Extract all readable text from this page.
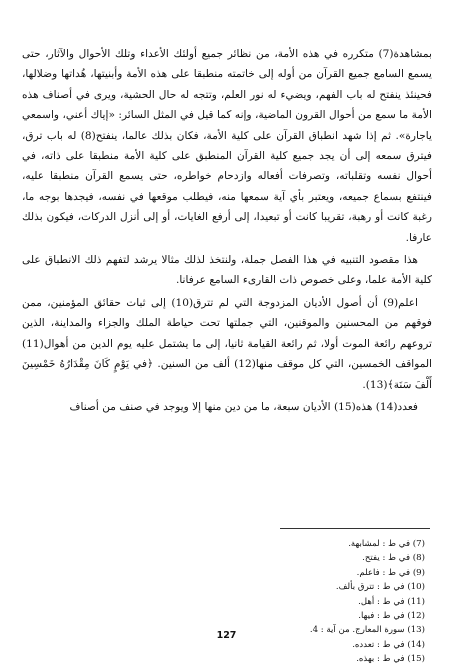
بمشاهدة(7) متكرره في هذه الأمة، من نظائر جميع أولئك الأعداء وتلك الأحوال والآثار، حتى يسمع السامع جميع القرآن من أوله إلى خاتمته منطبقا على هذه الأمة وأبنيتها، هُداتها وضلالها، فحينئذ ينفتح له باب الفهم، ويضيء له نور العلم، وتتجه له حال الحشية، ويرى في أصناف هذه الأمة ما سمع من أحوال القرون الماضية، وإنه كما قيل في المثل السائر: «إياك أعني، واسمعي ياجارة». ثم إذا شهد انطباق القرآن على كلية الأمة، فكان بذلك عالما، ينفتح(8) له باب ترق، فيترق سمعه إلى أن يجد جميع كلية القرآن المنطبق على كلية الأمة منطبقا على ذاته، في أحوال نفسه وتقلباته، وتصرفات أفعاله وازدحام خواطره، حتى يسمع القرآن منطبقا عليه، فينتفع بسماع جميعه، ويعتبر بأي آية سمعها منه، فيطلب موقعها في نفسه، فيجدها بوجه ما، رغبة كانت أو رهبة، تقريبا كانت أو تبعيدا، إلى أرفع الغايات، أو إلى أنزل الدركات، فيكون بذلك عارفا.

هذا مقصود التنبيه في هذا الفصل جملة، ولنتخذ لذلك مثالا يرشد لتفهم ذلك الانطباق على كلية الأمة علما، وعلى خصوص ذات القارىء السامع عرفانا.

اعلم(9) أن أصول الأديان المزدوجة التي لم تترق(10) إلى ثبات حقائق المؤمنين، ممن فوقهم من المحسنين والموقنين، التي جملتها تحت حياطة الملك والجزاء والمداينة، الذين تروعهم رائعة الموت أولا، ثم رائعة القيامة ثانيا، إلى ما يشتمل عليه يوم الدين من أهوال(11) المواقف الخمسين، التي كل موقف منها(12) ألف من السنين. ﴿في يَوْمٍ كَانَ مِقْدَارُهُ خَمْسِينَ أَلْفَ سَنَة﴾(13).

فعدد(14) هذه(15) الأديان سبعة، ما من دين منها إلا ويوجد في صنف من أصناف

(7) في ط : لمشابهة.
(8) في ط : يفتح.
(9) في ط : فاعلم.
(10) في ط : تترق بألف.
(11) في ط : أهل.
(12) في ط : فيها.
(13) سورة المعارج. من آية : 4.
(14) في ط : تعدده.
(15) في ط : بهذه.
127
